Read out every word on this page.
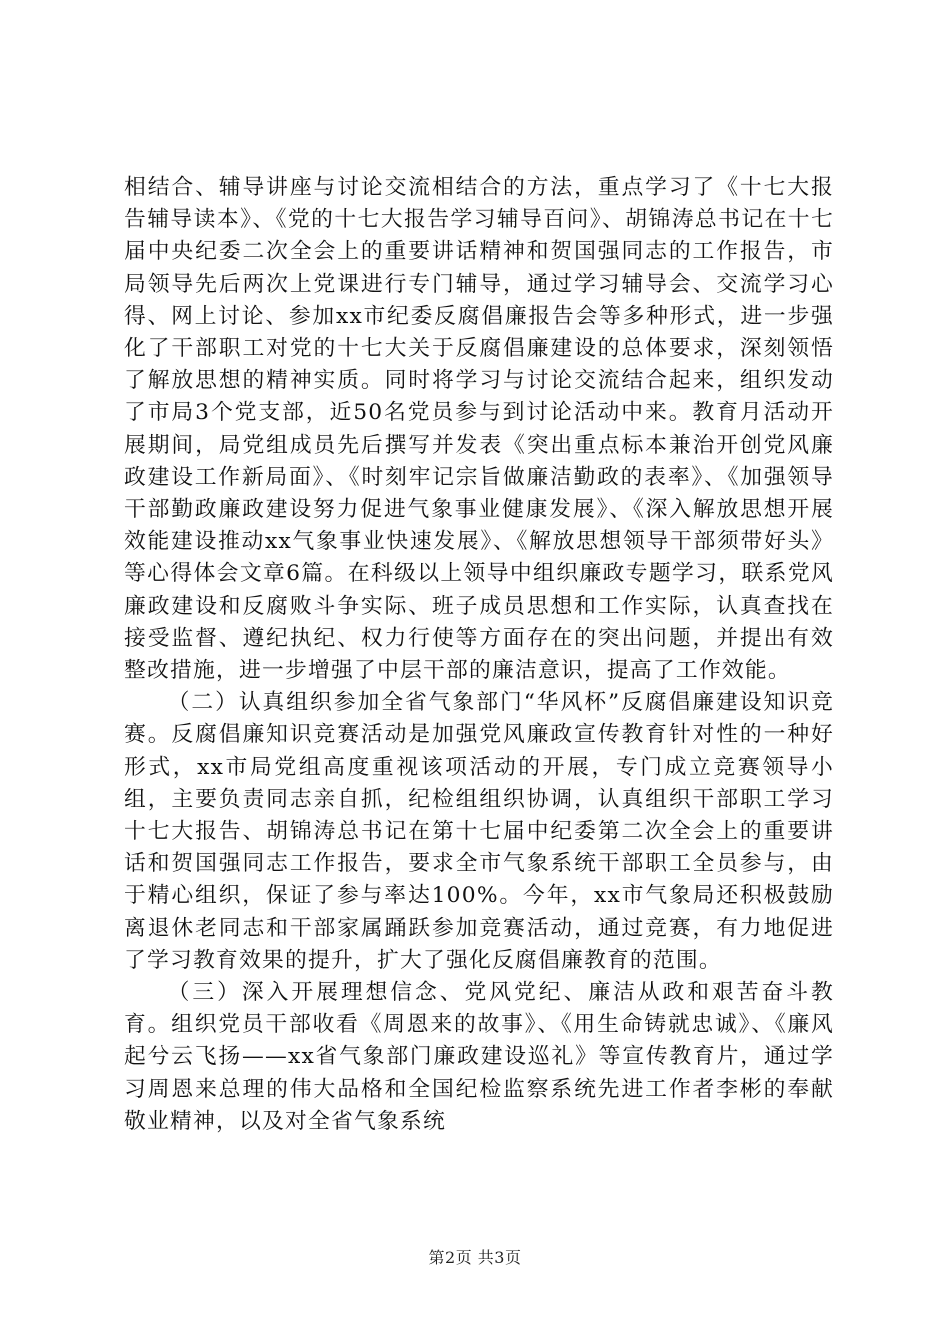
相结合、辅导讲座与讨论交流相结合的方法，重点学习了《十七大报告辅导读本》、《党的十七大报告学习辅导百问》、胡锦涛总书记在十七届中央纪委二次全会上的重要讲话精神和贺国强同志的工作报告，市局领导先后两次上党课进行专门辅导，通过学习辅导会、交流学习心得、网上讨论、参加xx市纪委反腐倡廉报告会等多种形式，进一步强化了干部职工对党的十七大关于反腐倡廉建设的总体要求，深刻领悟了解放思想的精神实质。同时将学习与讨论交流结合起来，组织发动了市局3个党支部，近50名党员参与到讨论活动中来。教育月活动开展期间，局党组成员先后撰写并发表《突出重点标本兼治开创党风廉政建设工作新局面》、《时刻牢记宗旨做廉洁勤政的表率》、《加强领导干部勤政廉政建设努力促进气象事业健康发展》、《深入解放思想开展效能建设推动xx气象事业快速发展》、《解放思想领导干部须带好头》等心得体会文章6篇。在科级以上领导中组织廉政专题学习，联系党风廉政建设和反腐败斗争实际、班子成员思想和工作实际，认真查找在接受监督、遵纪执纪、权力行使等方面存在的突出问题，并提出有效整改措施，进一步增强了中层干部的廉洁意识，提高了工作效能。

（二）认真组织参加全省气象部门“华风杯”反腐倡廉建设知识竞赛。反腐倡廉知识竞赛活动是加强党风廉政宣传教育针对性的一种好形式，xx市局党组高度重视该项活动的开展，专门成立竞赛领导小组，主要负责同志亲自抓，纪检组组织协调，认真组织干部职工学习十七大报告、胡锦涛总书记在第十七届中纪委第二次全会上的重要讲话和贺国强同志工作报告，要求全市气象系统干部职工全员参与，由于精心组织，保证了参与率达100%。今年，xx市气象局还积极鼓励离退休老同志和干部家属踊跃参加竞赛活动，通过竞赛，有力地促进了学习教育效果的提升，扩大了强化反腐倡廉教育的范围。

（三）深入开展理想信念、党风党纪、廉洁从政和艰苦奋斗教育。组织党员干部收看《周恩来的故事》、《用生命铸就忠诚》、《廉风起兮云飞扬——xx省气象部门廉政建设巡礼》等宣传教育片，通过学习周恩来总理的伟大品格和全国纪检监察系统先进工作者李彬的奉献敬业精神，以及对全省气象系统

第2页 共3页
